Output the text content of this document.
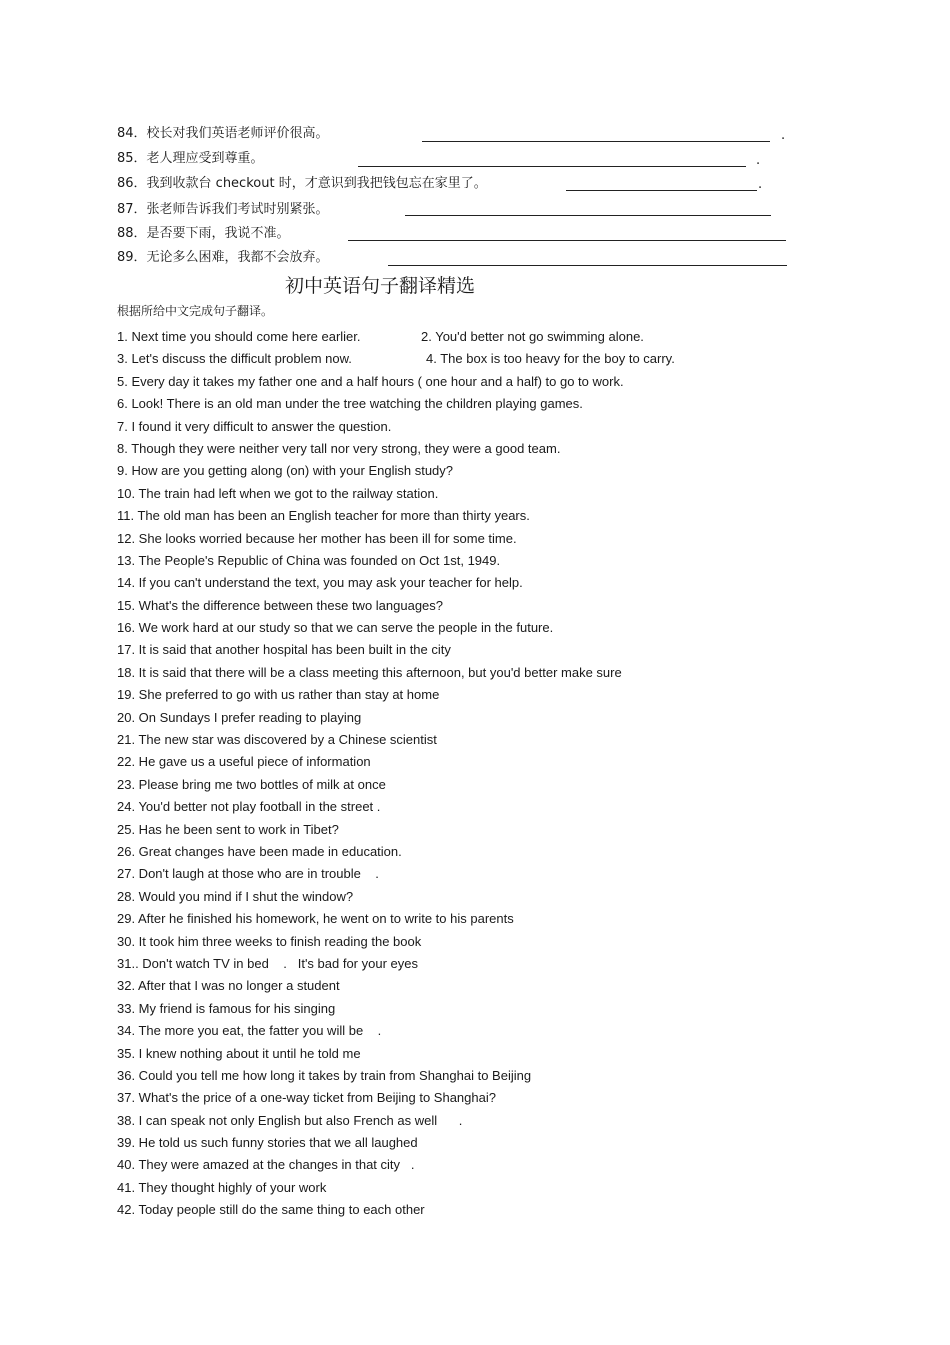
84．校长对我们英语老师评价很高。	.
85．老人理应受到尊重。	.
86．我到收款台 checkout 时，才意识到我把钱包忘在家里了。	.
87．张老师告诉我们考试时别紧张。
88．是否要下雨，我说不准。
89．无论多么困难，我都不会放弃。
初中英语句子翻译精选
根据所给中文完成句子翻译。
1. Next time you should come here earlier.	2. You'd better not go swimming alone.
3. Let's discuss the difficult problem now.	4. The box is too heavy for the boy to carry.
5. Every day it takes my father one and a half hours ( one hour and a half) to go to work.
6. Look! There is an old man under the tree watching the children playing games.
7. I found it very difficult to answer the question.
8. Though they were neither very tall nor very strong, they were a good team.
9. How are you getting along (on) with your English study?
10. The train had left when we got to the railway station.
11. The old man has been an English teacher for more than thirty years.
12. She looks worried because her mother has been ill for some time.
13. The People's Republic of China was founded on Oct 1st, 1949.
14. If you can't understand the text, you may ask your teacher for help.
15. What's the difference between these two languages?
16. We work hard at our study so that we can serve the people in the future.
17. It is said that another hospital has been built in the city
18. It is said that there will be a class meeting this afternoon, but you'd better make sure
19. She preferred to go with us rather than stay at home
20. On Sundays I prefer reading to playing
21. The new star was discovered by a Chinese scientist
22. He gave us a useful piece of information
23. Please bring me two bottles of milk at once
24. You'd better not play football in the street .
25. Has he been sent to work in Tibet?
26. Great changes have been made in education.
27. Don't laugh at those who are in trouble    .
28. Would you mind if I shut the window?
29. After he finished his homework, he went on to write to his parents
30. It took him three weeks to finish reading the book
31.. Don't watch TV in bed    .   It's bad for your eyes
32. After that I was no longer a student
33. My friend is famous for his singing
34. The more you eat, the fatter you will be    .
35. I knew nothing about it until he told me
36. Could you tell me how long it takes by train from Shanghai to Beijing
37. What's the price of a one-way ticket from Beijing to Shanghai?
38. I can speak not only English but also French as well      .
39. He told us such funny stories that we all laughed
40. They were amazed at the changes in that city   .
41. They thought highly of your work
42. Today people still do the same thing to each other
